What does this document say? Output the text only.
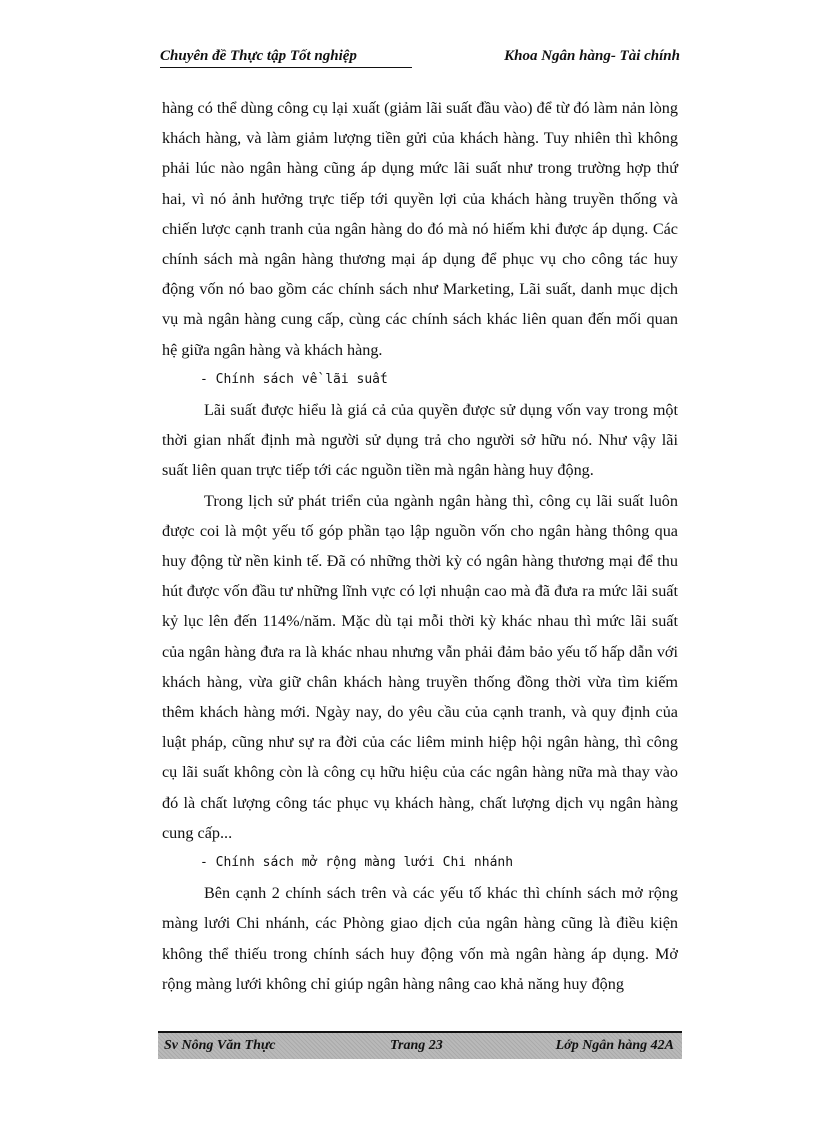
Chuyên đề Thực tập Tốt nghiệp	Khoa Ngân hàng- Tài chính

hàng có thể dùng công cụ lại xuất (giảm lãi suất đầu vào) để từ đó làm nản lòng khách hàng, và làm giảm lượng tiền gửi của khách hàng. Tuy nhiên thì không phải lúc nào ngân hàng cũng áp dụng mức lãi suất như trong trường hợp thứ hai, vì nó ảnh hưởng trực tiếp tới quyền lợi của khách hàng truyền thống và chiến lược cạnh tranh của ngân hàng do đó mà nó hiếm khi được áp dụng. Các chính sách mà ngân hàng thương mại áp dụng để phục vụ cho công tác huy động vốn nó bao gồm các chính sách như Marketing, Lãi suất, danh mục dịch vụ mà ngân hàng cung cấp, cùng các chính sách khác liên quan đến mối quan hệ giữa ngân hàng và khách hàng.

- Chính sách về lãi suất

Lãi suất được hiểu là giá cả của quyền được sử dụng vốn vay trong một thời gian nhất định mà người sử dụng trả cho người sở hữu nó. Như vậy lãi suất liên quan trực tiếp tới các nguồn tiền mà ngân hàng huy động.

Trong lịch sử phát triển của ngành ngân hàng thì, công cụ lãi suất luôn được coi là một yếu tố góp phần tạo lập nguồn vốn cho ngân hàng thông qua huy động từ nền kinh tế. Đã có những thời kỳ có ngân hàng thương mại để thu hút được vốn đầu tư những lĩnh vực có lợi nhuận cao mà đã đưa ra mức lãi suất kỷ lục lên đến 114%/năm. Mặc dù tại mỗi thời kỳ khác nhau thì mức lãi suất của ngân hàng đưa ra là khác nhau nhưng vẫn phải đảm bảo yếu tố hấp dẫn với khách hàng, vừa giữ chân khách hàng truyền thống đồng thời vừa tìm kiếm thêm khách hàng mới. Ngày nay, do yêu cầu của cạnh tranh, và quy định của luật pháp, cũng như sự ra đời của các liêm minh hiệp hội ngân hàng, thì công cụ lãi suất không còn là công cụ hữu hiệu của các ngân hàng nữa mà thay vào đó là chất lượng công tác phục vụ khách hàng, chất lượng dịch vụ ngân hàng cung cấp...

- Chính sách mở rộng màng lưới Chi nhánh

Bên cạnh 2 chính sách trên và các yếu tố khác thì chính sách mở rộng màng lưới Chi nhánh, các Phòng giao dịch của ngân hàng cũng là điều kiện không thể thiếu trong chính sách huy động vốn mà ngân hàng áp dụng. Mở rộng màng lưới không chỉ giúp ngân hàng nâng cao khả năng huy động

Sv Nông Văn Thực	Trang 23	Lớp Ngân hàng 42A
